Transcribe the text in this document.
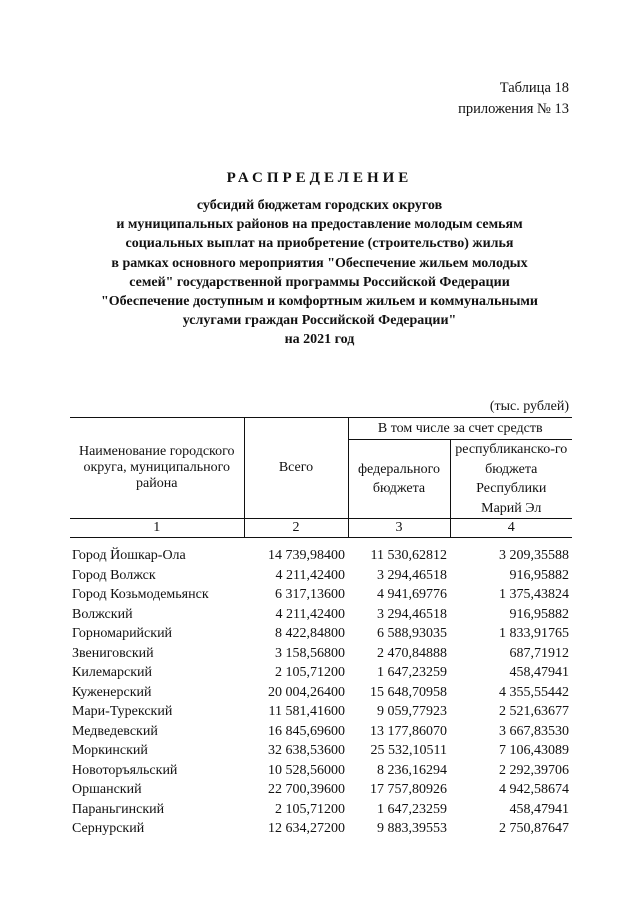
Таблица 18
приложения № 13
РАСПРЕДЕЛЕНИЕ
субсидий бюджетам городских округов
и муниципальных районов на предоставление молодым семьям
социальных выплат на приобретение (строительство) жилья
в рамках основного мероприятия "Обеспечение жильем молодых
семей" государственной программы Российской Федерации
"Обеспечение доступным и комфортным жильем и коммунальными
услугами граждан Российской Федерации"
на 2021 год
(тыс. рублей)
Наименование городского округа, муниципального района	Всего	В том числе за счет средств	
		федерального бюджета	республиканско-го бюджета Республики Марий Эл
1	2	3	4
Город Йошкар-Ола	14 739,98400	11 530,62812	3 209,35588
Город Волжск	4 211,42400	3 294,46518	916,95882
Город Козьмодемьянск	6 317,13600	4 941,69776	1 375,43824
Волжский	4 211,42400	3 294,46518	916,95882
Горномарийский	8 422,84800	6 588,93035	1 833,91765
Звениговский	3 158,56800	2 470,84888	687,71912
Килемарский	2 105,71200	1 647,23259	458,47941
Куженерский	20 004,26400	15 648,70958	4 355,55442
Мари-Турекский	11 581,41600	9 059,77923	2 521,63677
Медведевский	16 845,69600	13 177,86070	3 667,83530
Моркинский	32 638,53600	25 532,10511	7 106,43089
Новоторъяльский	10 528,56000	8 236,16294	2 292,39706
Оршанский	22 700,39600	17 757,80926	4 942,58674
Параньгинский	2 105,71200	1 647,23259	458,47941
Сернурский	12 634,27200	9 883,39553	2 750,87647
